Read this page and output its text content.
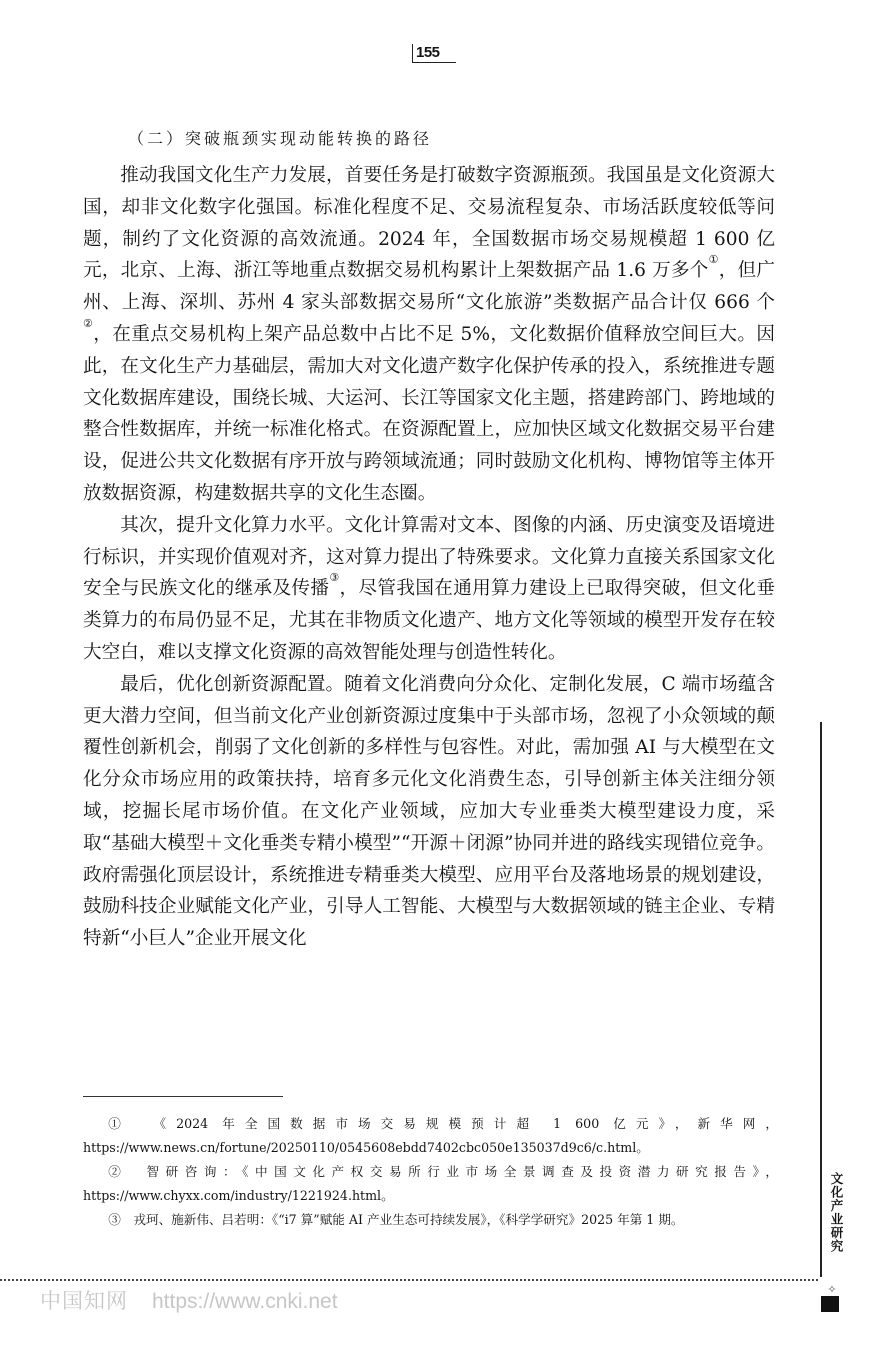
155
（二）突破瓶颈实现动能转换的路径

推动我国文化生产力发展，首要任务是打破数字资源瓶颈。我国虽是文化资源大国，却非文化数字化强国。标准化程度不足、交易流程复杂、市场活跃度较低等问题，制约了文化资源的高效流通。2024 年，全国数据市场交易规模超 1 600 亿元，北京、上海、浙江等地重点数据交易机构累计上架数据产品 1.6 万多个①，但广州、上海、深圳、苏州 4 家头部数据交易所“文化旅游”类数据产品合计仅 666 个②，在重点交易机构上架产品总数中占比不足 5%，文化数据价值释放空间巨大。因此，在文化生产力基础层，需加大对文化遗产数字化保护传承的投入，系统推进专题文化数据库建设，围绕长城、大运河、长江等国家文化主题，搭建跨部门、跨地域的整合性数据库，并统一标准化格式。在资源配置上，应加快区域文化数据交易平台建设，促进公共文化数据有序开放与跨领域流通；同时鼓励文化机构、博物馆等主体开放数据资源，构建数据共享的文化生态圈。

其次，提升文化算力水平。文化计算需对文本、图像的内涵、历史演变及语境进行标识，并实现价值观对齐，这对算力提出了特殊要求。文化算力直接关系国家文化安全与民族文化的继承及传播③，尽管我国在通用算力建设上已取得突破，但文化垂类算力的布局仍显不足，尤其在非物质文化遗产、地方文化等领域的模型开发存在较大空白，难以支撑文化资源的高效智能处理与创造性转化。

最后，优化创新资源配置。随着文化消费向分众化、定制化发展，C 端市场蕴含更大潜力空间，但当前文化产业创新资源过度集中于头部市场，忽视了小众领域的颠覆性创新机会，削弱了文化创新的多样性与包容性。对此，需加强 AI 与大模型在文化分众市场应用的政策扶持，培育多元化文化消费生态，引导创新主体关注细分领域，挖掘长尾市场价值。在文化产业领域，应加大专业垂类大模型建设力度，采取“基础大模型＋文化垂类专精小模型”“开源＋闭源”协同并进的路线实现错位竞争。政府需强化顶层设计，系统推进专精垂类大模型、应用平台及落地场景的规划建设，鼓励科技企业赋能文化产业，引导人工智能、大模型与大数据领域的链主企业、专精特新“小巨人”企业开展文化

①  《2024 年全国数据市场交易规模预计超 1 600 亿元》，新华网，https://www.news.cn/fortune/20250110/0545608ebdd7402cbc050e135037d9c6/c.html。

②  智研咨询：《中国文化产权交易所行业市场全景调查及投资潜力研究报告》，https://www.chyxx.com/industry/1221924.html。

③  戎珂、施新伟、吕若明：《“i7 算”赋能 AI 产业生态可持续发展》，《科学学研究》2025 年第 1 期。	文化产业研究
✧
中国知网 https://www.cnki.net
